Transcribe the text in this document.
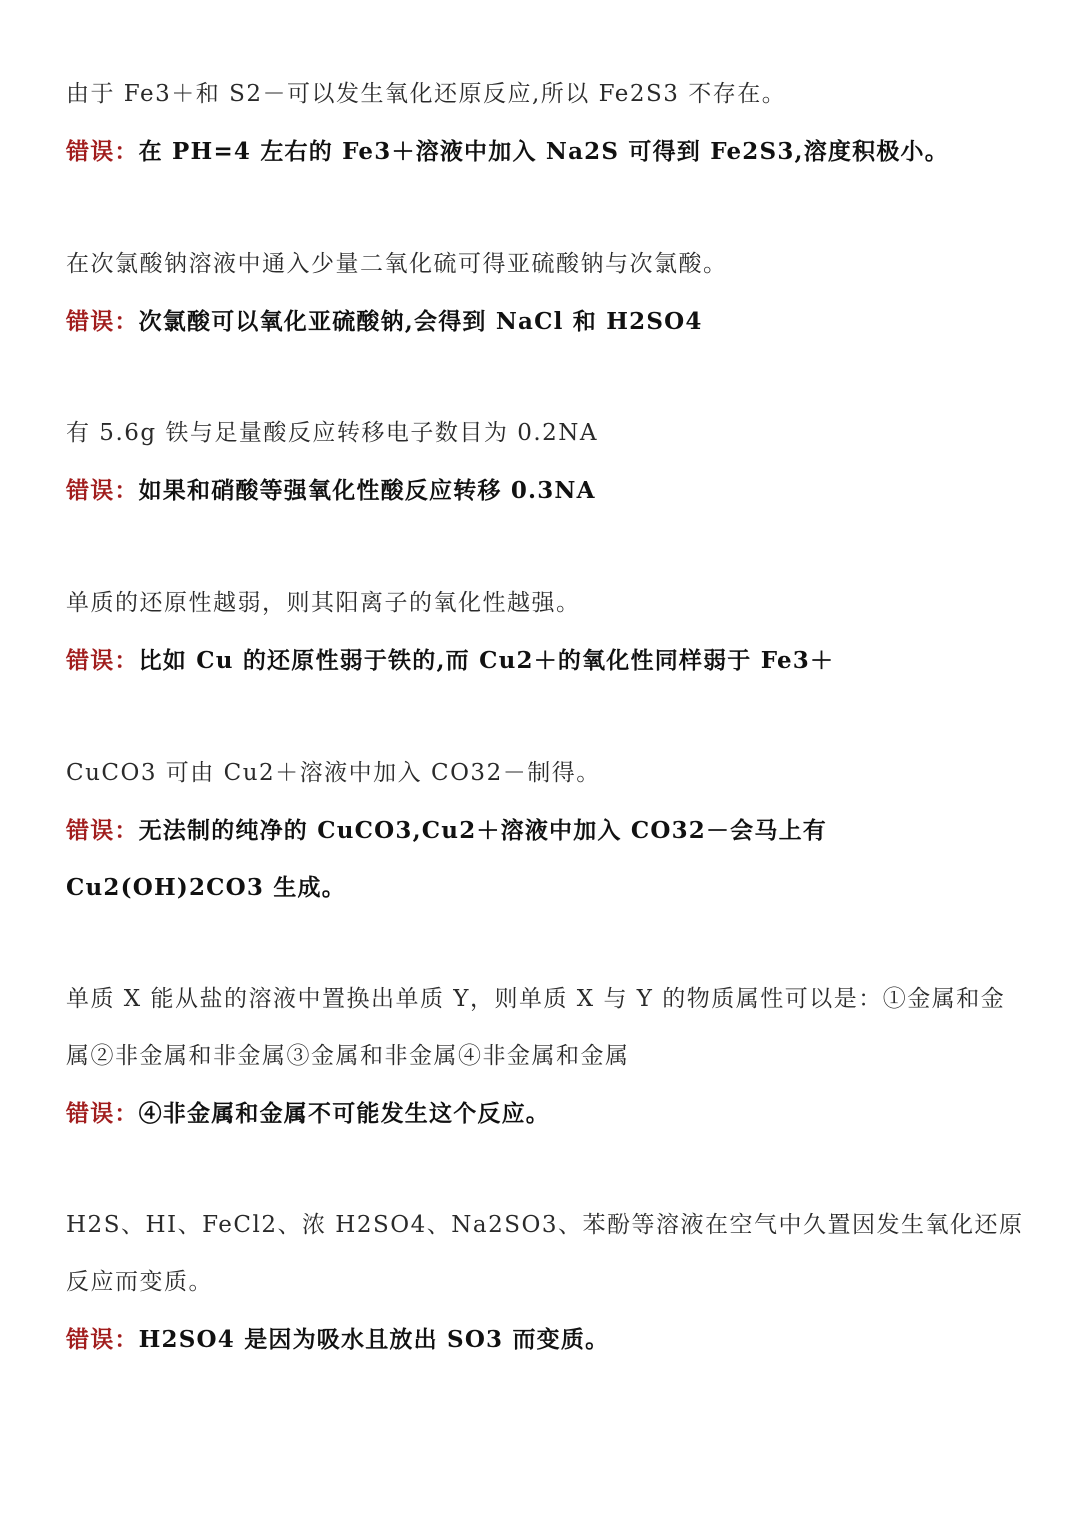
由于 Fe3＋和 S2－可以发生氧化还原反应,所以 Fe2S3 不存在。

错误：在 PH=4 左右的 Fe3＋溶液中加入 Na2S 可得到 Fe2S3,溶度积极小。

在次氯酸钠溶液中通入少量二氧化硫可得亚硫酸钠与次氯酸。

错误：次氯酸可以氧化亚硫酸钠,会得到 NaCl 和 H2SO4

有 5.6g 铁与足量酸反应转移电子数目为 0.2NA

错误：如果和硝酸等强氧化性酸反应转移 0.3NA

单质的还原性越弱，则其阳离子的氧化性越强。

错误：比如 Cu 的还原性弱于铁的,而 Cu2＋的氧化性同样弱于 Fe3＋

CuCO3 可由 Cu2＋溶液中加入 CO32－制得。

错误：无法制的纯净的 CuCO3,Cu2＋溶液中加入 CO32－会马上有 Cu2(OH)2CO3 生成。

单质 X 能从盐的溶液中置换出单质 Y，则单质 X 与 Y 的物质属性可以是：①金属和金属②非金属和非金属③金属和非金属④非金属和金属

错误：④非金属和金属不可能发生这个反应。

H2S、HI、FeCl2、浓 H2SO4、Na2SO3、苯酚等溶液在空气中久置因发生氧化还原反应而变质。

错误：H2SO4 是因为吸水且放出 SO3 而变质。
